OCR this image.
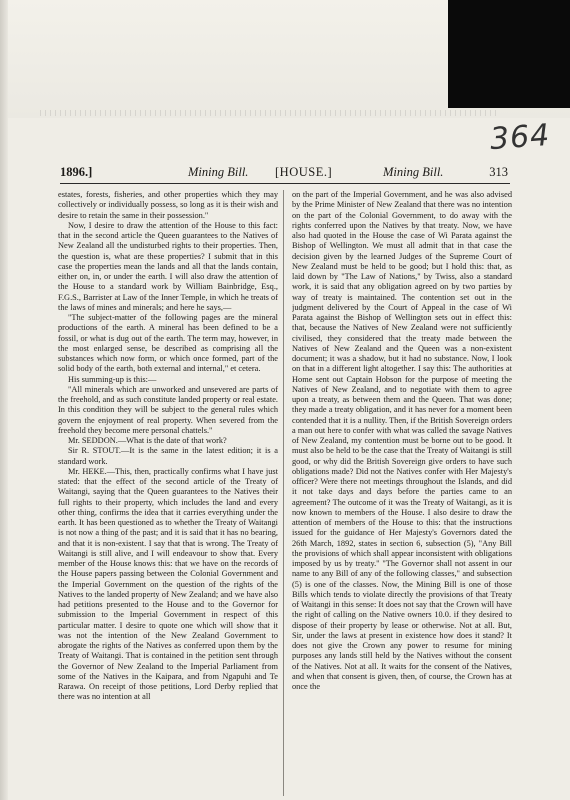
364
1896.]	Mining Bill. [HOUSE.]	Mining Bill.	313

estates, forests, fisheries, and other properties which they may collectively or individually possess, so long as it is their wish and desire to retain the same in their possession."

Now, I desire to draw the attention of the House to this fact: that in the second article the Queen guarantees to the Natives of New Zealand all the undisturbed rights to their properties. Then, the question is, what are these properties? I submit that in this case the properties mean the lands and all that the lands contain, either on, in, or under the earth. I will also draw the attention of the House to a standard work by William Bainbridge, Esq., F.G.S., Barrister at Law of the Inner Temple, in which he treats of the laws of mines and minerals; and here he says,—

"The subject-matter of the following pages are the mineral productions of the earth. A mineral has been defined to be a fossil, or what is dug out of the earth. The term may, however, in the most enlarged sense, be described as comprising all the substances which now form, or which once formed, part of the solid body of the earth, both external and internal," et cetera.

His summing-up is this:—

"All minerals which are unworked and unsevered are parts of the freehold, and as such constitute landed property or real estate. In this condition they will be subject to the general rules which govern the enjoyment of real property. When severed from the freehold they become mere personal chattels."

Mr. SEDDON.—What is the date of that work?

Sir R. STOUT.—It is the same in the latest edition; it is a standard work.

Mr. HEKE.—This, then, practically confirms what I have just stated: that the effect of the second article of the Treaty of Waitangi, saying that the Queen guarantees to the Natives their full rights to their property, which includes the land and every other thing, confirms the idea that it carries everything under the earth. It has been questioned as to whether the Treaty of Waitangi is not now a thing of the past; and it is said that it has no bearing, and that it is non-existent. I say that that is wrong. The Treaty of Waitangi is still alive, and I will endeavour to show that. Every member of the House knows this: that we have on the records of the House papers passing between the Colonial Government and the Imperial Government on the question of the rights of the Natives to the landed property of New Zealand; and we have also had petitions presented to the House and to the Governor for submission to the Imperial Government in respect of this particular matter. I desire to quote one which will show that it was not the intention of the New Zealand Government to abrogate the rights of the Natives as conferred upon them by the Treaty of Waitangi. That is contained in the petition sent through the Governor of New Zealand to the Imperial Parliament from some of the Natives in the Kaipara, and from Ngapuhi and Te Rarawa. On receipt of those petitions, Lord Derby replied that there was no intention at all

on the part of the Imperial Government, and he was also advised by the Prime Minister of New Zealand that there was no intention on the part of the Colonial Government, to do away with the rights conferred upon the Natives by that treaty. Now, we have also had quoted in the House the case of Wi Parata against the Bishop of Wellington. We must all admit that in that case the decision given by the learned Judges of the Supreme Court of New Zealand must be held to be good; but I hold this: that, as laid down by "The Law of Nations," by Twiss, also a standard work, it is said that any obligation agreed on by two parties by way of treaty is maintained. The contention set out in the judgment delivered by the Court of Appeal in the case of Wi Parata against the Bishop of Wellington sets out in effect this: that, because the Natives of New Zealand were not sufficiently civilised, they considered that the treaty made between the Natives of New Zealand and the Queen was a non-existent document; it was a shadow, but it had no substance. Now, I look on that in a different light altogether. I say this: The authorities at Home sent out Captain Hobson for the purpose of meeting the Natives of New Zealand, and to negotiate with them to agree upon a treaty, as between them and the Queen. That was done; they made a treaty obligation, and it has never for a moment been contended that it is a nullity. Then, if the British Sovereign orders a man out here to confer with what was called the savage Natives of New Zealand, my contention must be borne out to be good. It must also be held to be the case that the Treaty of Waitangi is still good, or why did the British Sovereign give orders to have such obligations made? Did not the Natives confer with Her Majesty's officer? Were there not meetings throughout the Islands, and did it not take days and days before the parties came to an agreement? The outcome of it was the Treaty of Waitangi, as it is now known to members of the House. I also desire to draw the attention of members of the House to this: that the instructions issued for the guidance of Her Majesty's Governors dated the 26th March, 1892, states in section 6, subsection (5), "Any Bill the provisions of which shall appear inconsistent with obligations imposed by us by treaty." "The Governor shall not assent in our name to any Bill of any of the following classes," and subsection (5) is one of the classes. Now, the Mining Bill is one of those Bills which tends to violate directly the provisions of that Treaty of Waitangi in this sense: It does not say that the Crown will have the right of calling on the Native owners 10.0. if they desired to dispose of their property by lease or otherwise. Not at all. But, Sir, under the laws at present in existence how does it stand? It does not give the Crown any power to resume for mining purposes any lands still held by the Natives without the consent of the Natives. Not at all. It waits for the consent of the Natives, and when that consent is given, then, of course, the Crown has at once the
